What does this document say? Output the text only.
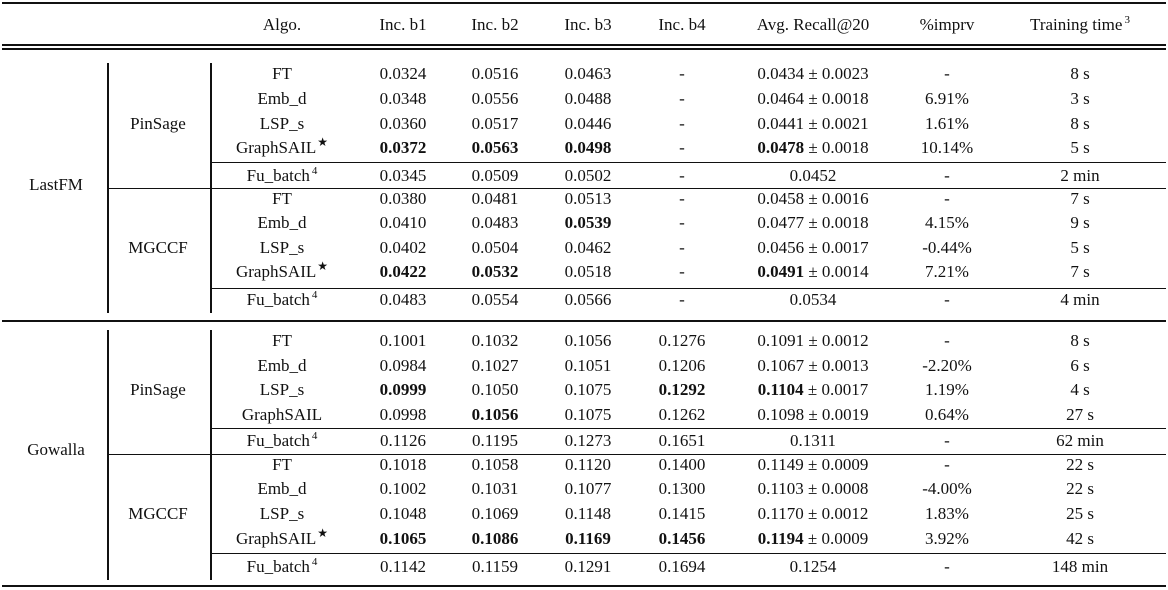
Algo.	Inc. b1	Inc. b2	Inc. b3	Inc. b4	Avg. Recall@20	%imprv	Training time $^3$
LastFM
PinSage
FT	0.0324	0.0516	0.0463	-	0.0434 ± 0.0023	-	8 s
Emb_d	0.0348	0.0556	0.0488	-	0.0464 ± 0.0018	6.91%	3 s
LSP_s	0.0360	0.0517	0.0446	-	0.0441 ± 0.0021	1.61%	8 s
GraphSAIL★	0.0372	0.0563	0.0498	-	0.0478 ± 0.0018	10.14%	5 s
Fu_batch $^4$	0.0345	0.0509	0.0502	-	0.0452	-	2 min
MGCCF
FT	0.0380	0.0481	0.0513	-	0.0458 ± 0.0016	-	7 s
Emb_d	0.0410	0.0483	0.0539	-	0.0477 ± 0.0018	4.15%	9 s
LSP_s	0.0402	0.0504	0.0462	-	0.0456 ± 0.0017	-0.44%	5 s
GraphSAIL★	0.0422	0.0532	0.0518	-	0.0491 ± 0.0014	7.21%	7 s
Fu_batch $^4$	0.0483	0.0554	0.0566	-	0.0534	-	4 min
Gowalla
PinSage
FT	0.1001	0.1032	0.1056	0.1276	0.1091 ± 0.0012	-	8 s
Emb_d	0.0984	0.1027	0.1051	0.1206	0.1067 ± 0.0013	-2.20%	6 s
LSP_s	0.0999	0.1050	0.1075	0.1292	0.1104 ± 0.0017	1.19%	4 s
GraphSAIL	0.0998	0.1056	0.1075	0.1262	0.1098 ± 0.0019	0.64%	27 s
Fu_batch $^4$	0.1126	0.1195	0.1273	0.1651	0.1311	-	62 min
MGCCF
FT	0.1018	0.1058	0.1120	0.1400	0.1149 ± 0.0009	-	22 s
Emb_d	0.1002	0.1031	0.1077	0.1300	0.1103 ± 0.0008	-4.00%	22 s
LSP_s	0.1048	0.1069	0.1148	0.1415	0.1170 ± 0.0012	1.83%	25 s
GraphSAIL★	0.1065	0.1086	0.1169	0.1456	0.1194 ± 0.0009	3.92%	42 s
Fu_batch $^4$	0.1142	0.1159	0.1291	0.1694	0.1254	-	148 min
